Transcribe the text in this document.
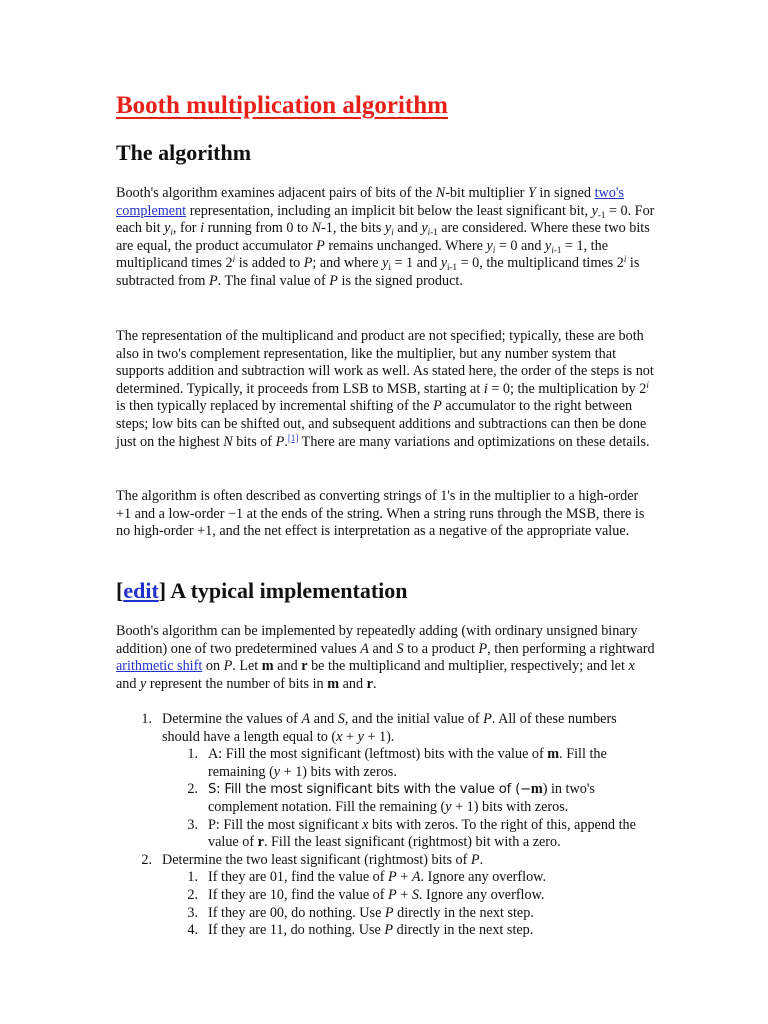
Booth multiplication algorithm
The algorithm

Booth's algorithm examines adjacent pairs of bits of the N-bit multiplier Y in signed two's complement representation, including an implicit bit below the least significant bit, $y_{-1} = 0$. For each bit $y_i$, for i running from 0 to N-1, the bits $y_i$ and $y_{i-1}$ are considered. Where these two bits are equal, the product accumulator P remains unchanged. Where $y_i = 0$ and $y_{i-1} = 1$, the multiplicand times 2$^i$ is added to P; and where $y_i = 1$ and $y_{i-1} = 0$, the multiplicand times 2$^i$ is subtracted from P. The final value of P is the signed product.

The representation of the multiplicand and product are not specified; typically, these are both also in two's complement representation, like the multiplier, but any number system that supports addition and subtraction will work as well. As stated here, the order of the steps is not determined. Typically, it proceeds from LSB to MSB, starting at i = 0; the multiplication by 2$^i$ is then typically replaced by incremental shifting of the P accumulator to the right between steps; low bits can be shifted out, and subsequent additions and subtractions can then be done just on the highest N bits of P.[1] There are many variations and optimizations on these details.

The algorithm is often described as converting strings of 1's in the multiplier to a high-order +1 and a low-order −1 at the ends of the string. When a string runs through the MSB, there is no high-order +1, and the net effect is interpretation as a negative of the appropriate value.

[edit] A typical implementation

Booth's algorithm can be implemented by repeatedly adding (with ordinary unsigned binary addition) one of two predetermined values A and S to a product P, then performing a rightward arithmetic shift on P. Let m and r be the multiplicand and multiplier, respectively; and let x and y represent the number of bits in m and r.

1. Determine the values of A and S, and the initial value of P. All of these numbers should have a length equal to (x + y + 1).
1. A: Fill the most significant (leftmost) bits with the value of m. Fill the remaining (y + 1) bits with zeros.
2. S: Fill the most significant bits with the value of (−m) in two's complement notation. Fill the remaining (y + 1) bits with zeros.
3. P: Fill the most significant x bits with zeros. To the right of this, append the value of r. Fill the least significant (rightmost) bit with a zero.
2. Determine the two least significant (rightmost) bits of P.
1. If they are 01, find the value of P + A. Ignore any overflow.
2. If they are 10, find the value of P + S. Ignore any overflow.
3. If they are 00, do nothing. Use P directly in the next step.
4. If they are 11, do nothing. Use P directly in the next step.
